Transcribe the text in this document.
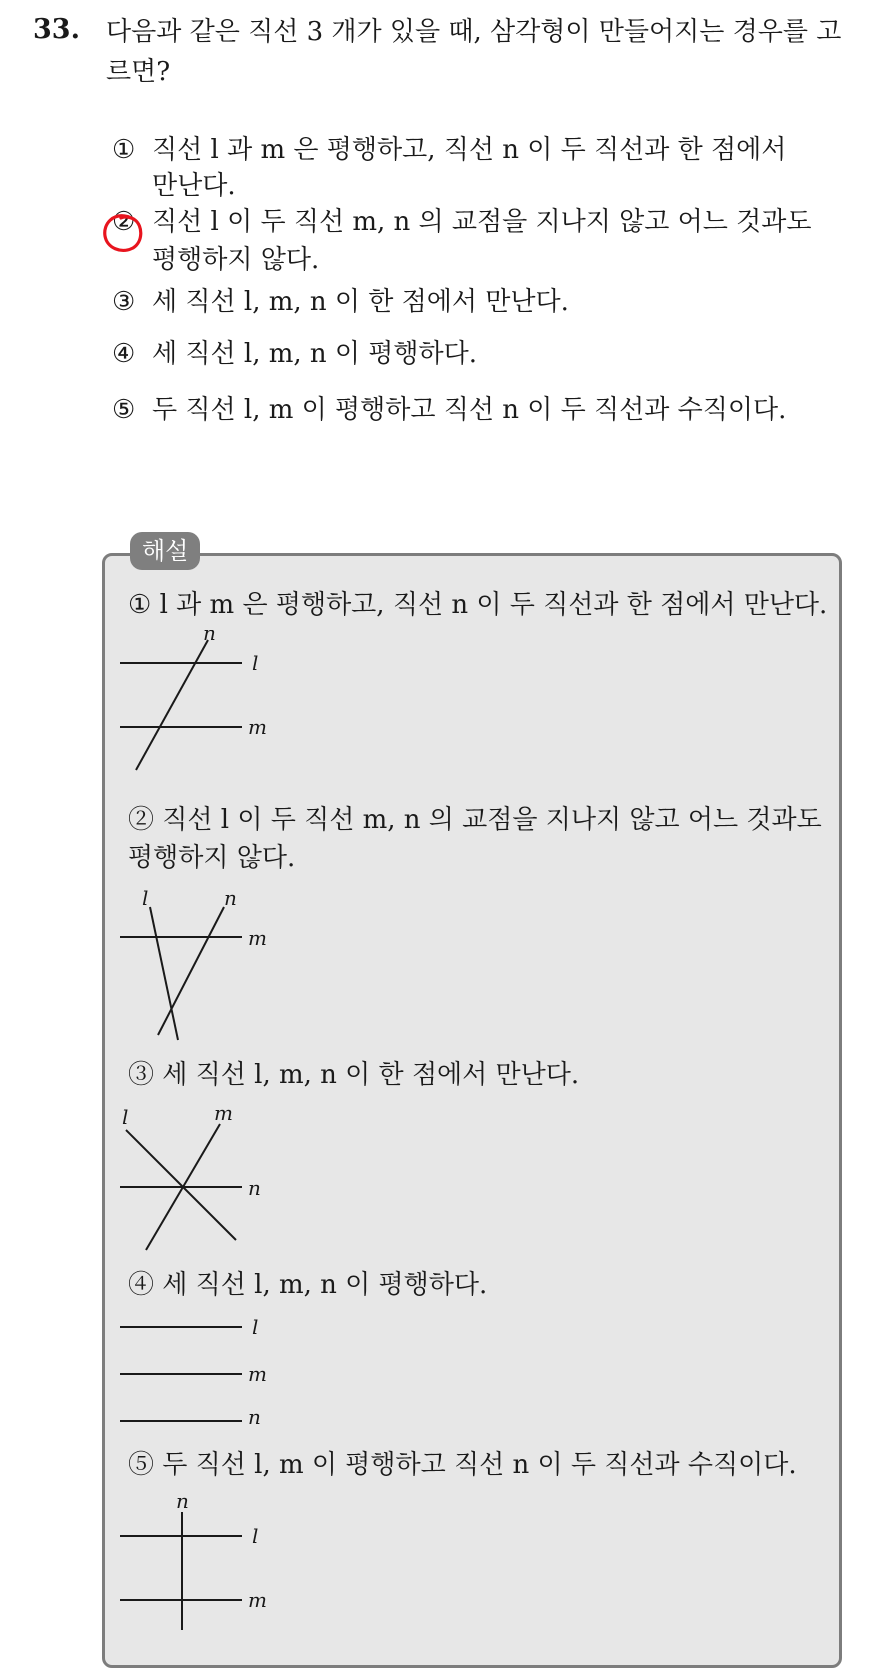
33. 다음과 같은 직선 3 개가 있을 때, 삼각형이 만들어지는 경우를 고르면?
① 직선 l 과 m 은 평행하고, 직선 n 이 두 직선과 한 점에서
만난다.
② 직선 l 이 두 직선 m, n 의 교점을 지나지 않고 어느 것과도
평행하지 않다.
③ 세 직선 l, m, n 이 한 점에서 만난다.
④ 세 직선 l, m, n 이 평행하다.
⑤ 두 직선 l, m 이 평행하고 직선 n 이 두 직선과 수직이다.
해설
① l 과 m 은 평행하고, 직선 n 이 두 직선과 한 점에서 만난다.
n
l
m
② 직선 l 이 두 직선 m, n 의 교점을 지나지 않고 어느 것과도
평행하지 않다.
l	n
m
③ 세 직선 l, m, n 이 한 점에서 만난다.
l	m
n
④ 세 직선 l, m, n 이 평행하다.
l
m
n
⑤ 두 직선 l, m 이 평행하고 직선 n 이 두 직선과 수직이다.
n
l
m
